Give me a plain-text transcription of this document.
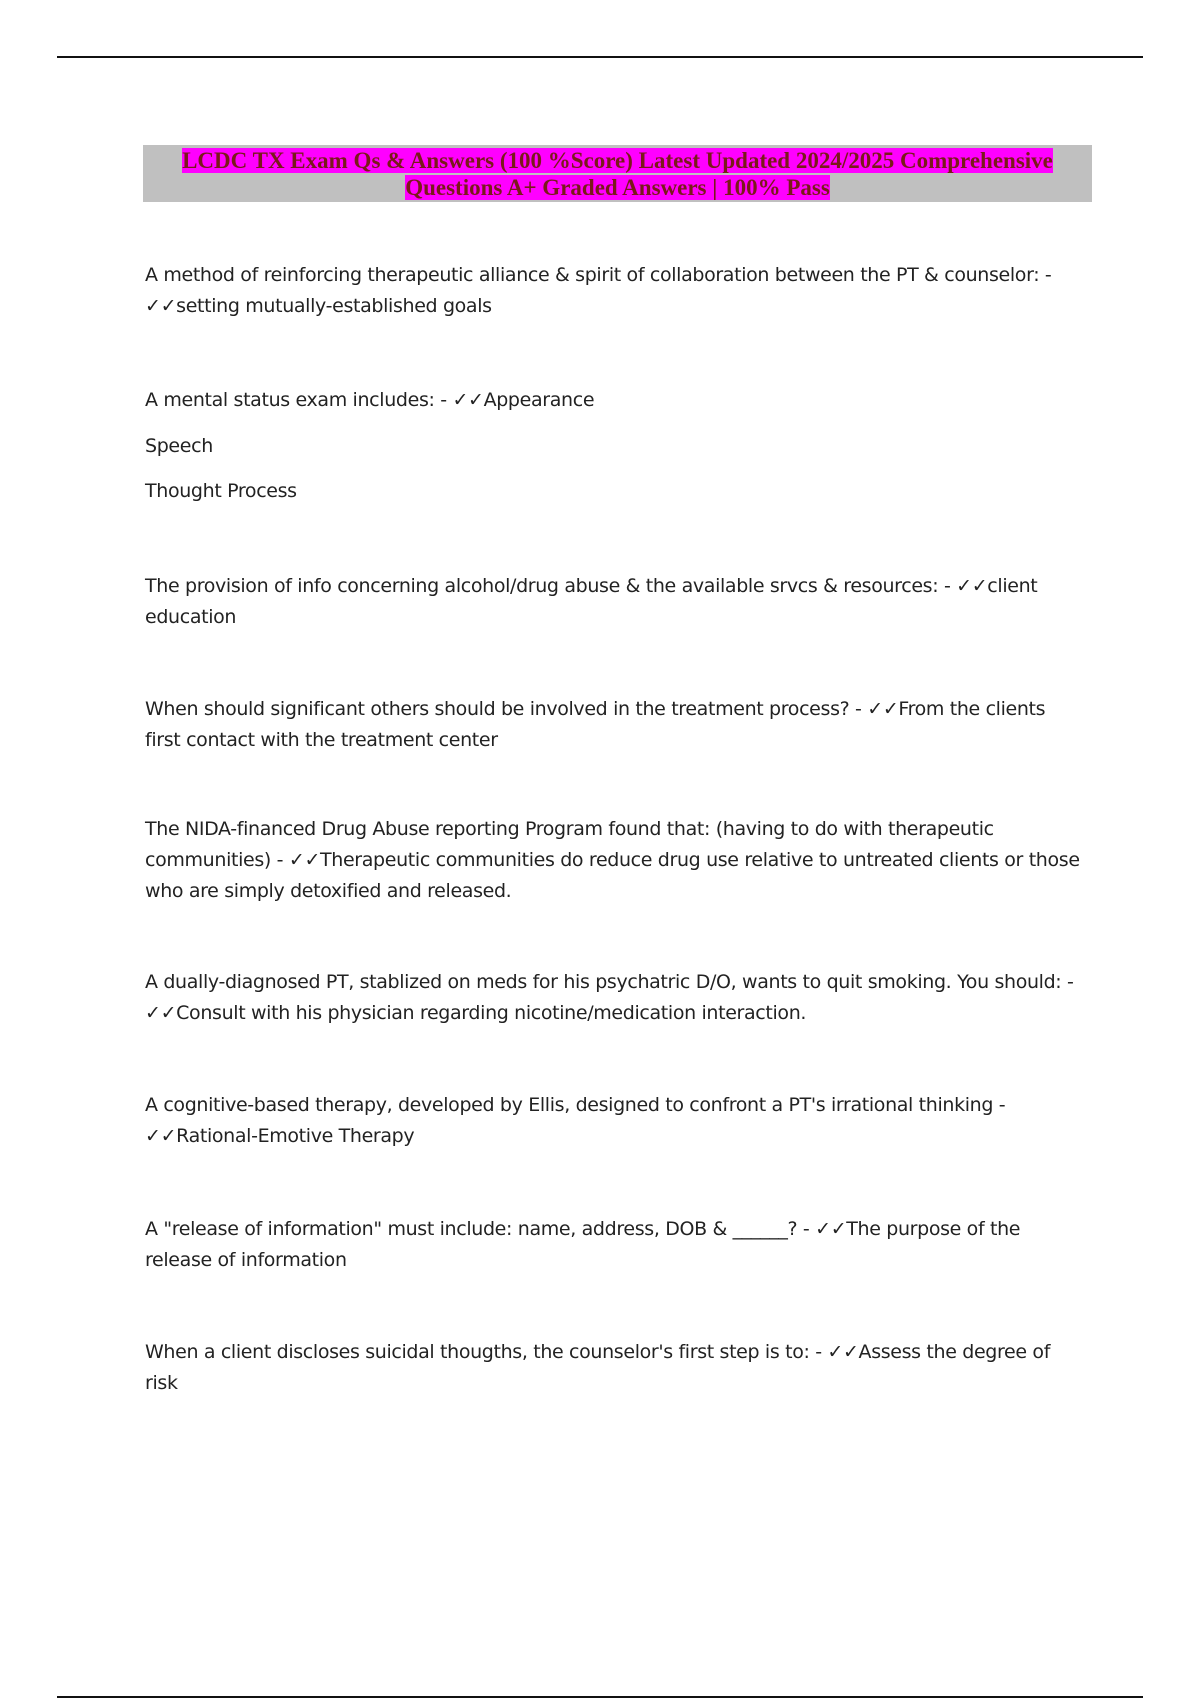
LCDC TX Exam Qs & Answers (100 %Score) Latest Updated 2024/2025 Comprehensive
Questions A+ Graded Answers | 100% Pass

A method of reinforcing therapeutic alliance & spirit of collaboration between the PT & counselor: - ✓✓setting mutually-established goals

A mental status exam includes: - ✓✓Appearance

Speech

Thought Process

The provision of info concerning alcohol/drug abuse & the available srvcs & resources: - ✓✓client education

When should significant others should be involved in the treatment process? - ✓✓From the clients first contact with the treatment center

The NIDA-financed Drug Abuse reporting Program found that: (having to do with therapeutic communities) - ✓✓Therapeutic communities do reduce drug use relative to untreated clients or those who are simply detoxified and released.

A dually-diagnosed PT, stablized on meds for his psychatric D/O, wants to quit smoking. You should: - ✓✓Consult with his physician regarding nicotine/medication interaction.

A cognitive-based therapy, developed by Ellis, designed to confront a PT's irrational thinking - ✓✓Rational-Emotive Therapy

A "release of information" must include: name, address, DOB & ______? - ✓✓The purpose of the release of information

When a client discloses suicidal thougths, the counselor's first step is to: - ✓✓Assess the degree of risk
